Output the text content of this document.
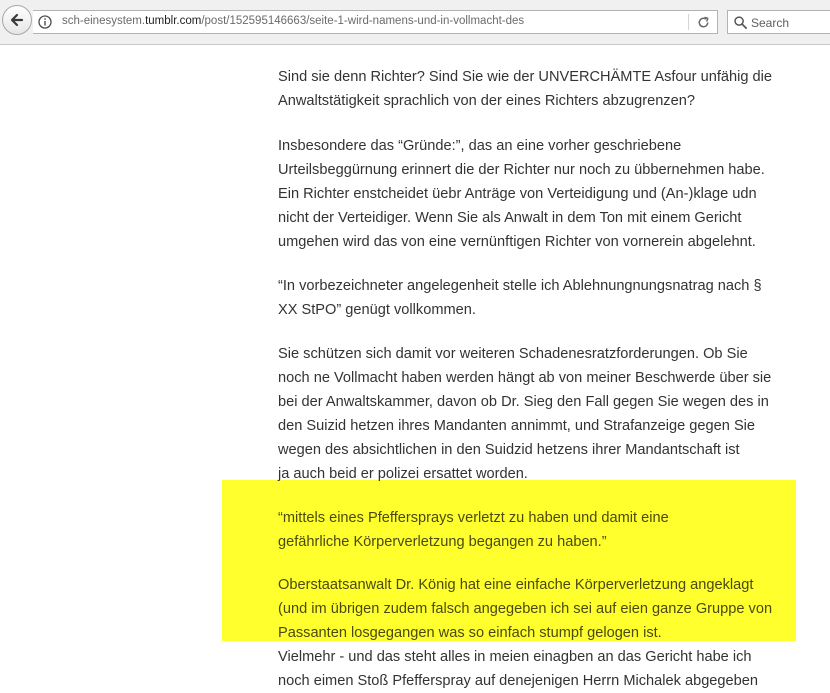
sch-einesystem.tumblr.com/post/152595146663/seite-1-wird-namens-und-in-vollmacht-des	Search

Sind sie denn Richter? Sind Sie wie der UNVERCHÄMTE Asfour unfähig die
Anwaltstätigkeit sprachlich von der eines Richters abzugrenzen?

Insbesondere das “Gründe:”, das an eine vorher geschriebene
Urteilsbeggürnung erinnert die der Richter nur noch zu übbernehmen habe.
Ein Richter enstcheidet üebr Anträge von Verteidigung und (An-)klage udn
nicht der Verteidiger. Wenn Sie als Anwalt in dem Ton mit einem Gericht
umgehen wird das von eine vernünftigen Richter von vornerein abgelehnt.

“In vorbezeichneter angelegenheit stelle ich Ablehnungnungsnatrag nach §
XX StPO” genügt vollkommen.

Sie schützen sich damit vor weiteren Schadenesratzforderungen. Ob Sie
noch ne Vollmacht haben werden hängt ab von meiner Beschwerde über sie
bei der Anwaltskammer, davon ob Dr. Sieg den Fall gegen Sie wegen des in
den Suizid hetzen ihres Mandanten annimmt, und Strafanzeige gegen Sie
wegen des absichtlichen in den Suidzid hetzens ihrer Mandantschaft ist
ja auch beid er polizei ersattet worden.

“mittels eines Pfeffersprays verletzt zu haben und damit eine
gefährliche Körperverletzung begangen zu haben.”

Oberstaatsanwalt Dr. König hat eine einfache Körperverletzung angeklagt
(und im übrigen zudem falsch angegeben ich sei auf eien ganze Gruppe von
Passanten losgegangen was so einfach stumpf gelogen ist.

Vielmehr - und das steht alles in meien einagben an das Gericht habe ich
noch eimen Stoß Pfefferspray auf denejenigen Herrn Michalek abgegeben
